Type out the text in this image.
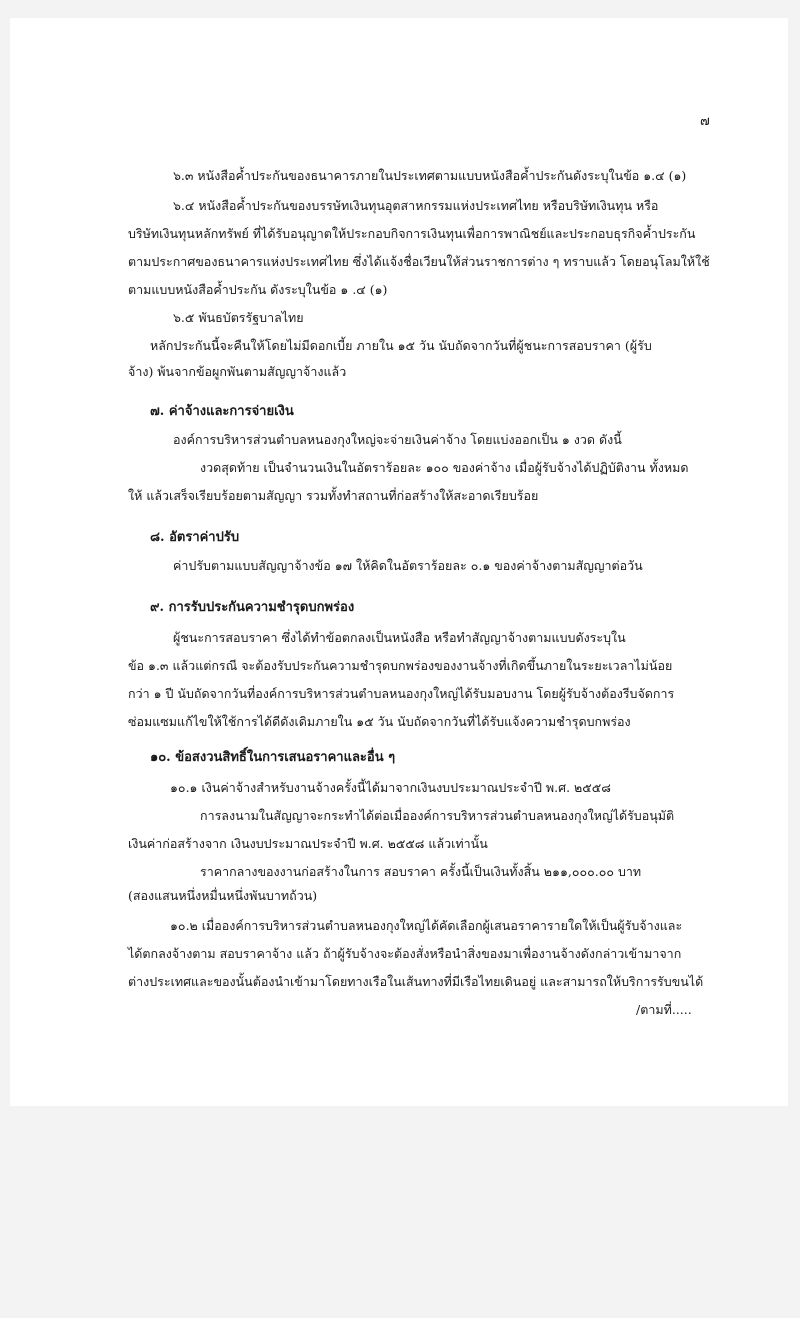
๗
๖.๓ หนังสือค้ำประกันของธนาคารภายในประเทศตามแบบหนังสือค้ำประกันดังระบุในข้อ ๑.๔ (๑)
๖.๔ หนังสือค้ำประกันของบรรษัทเงินทุนอุตสาหกรรมแห่งประเทศไทย หรือบริษัทเงินทุน หรือ
บริษัทเงินทุนหลักทรัพย์ ที่ได้รับอนุญาตให้ประกอบกิจการเงินทุนเพื่อการพาณิชย์และประกอบธุรกิจค้ำประกัน
ตามประกาศของธนาคารแห่งประเทศไทย ซึ่งได้แจ้งชื่อเวียนให้ส่วนราชการต่าง ๆ ทราบแล้ว โดยอนุโลมให้ใช้
ตามแบบหนังสือค้ำประกัน ดังระบุในข้อ ๑ .๔ (๑)
๖.๕ พันธบัตรรัฐบาลไทย
หลักประกันนี้จะคืนให้โดยไม่มีดอกเบี้ย ภายใน ๑๕ วัน นับถัดจากวันที่ผู้ชนะการสอบราคา (ผู้รับ
จ้าง) พ้นจากข้อผูกพันตามสัญญาจ้างแล้ว
๗. ค่าจ้างและการจ่ายเงิน
องค์การบริหารส่วนตำบลหนองกุงใหญ่จะจ่ายเงินค่าจ้าง โดยแบ่งออกเป็น ๑ งวด ดังนี้
งวดสุดท้าย เป็นจำนวนเงินในอัตราร้อยละ ๑๐๐ ของค่าจ้าง เมื่อผู้รับจ้างได้ปฏิบัติงาน ทั้งหมด
ให้ แล้วเสร็จเรียบร้อยตามสัญญา รวมทั้งทำสถานที่ก่อสร้างให้สะอาดเรียบร้อย
๘. อัตราค่าปรับ
ค่าปรับตามแบบสัญญาจ้างข้อ ๑๗ ให้คิดในอัตราร้อยละ ๐.๑ ของค่าจ้างตามสัญญาต่อวัน
๙. การรับประกันความชำรุดบกพร่อง
ผู้ชนะการสอบราคา ซึ่งได้ทำข้อตกลงเป็นหนังสือ หรือทำสัญญาจ้างตามแบบดังระบุใน
ข้อ ๑.๓ แล้วแต่กรณี จะต้องรับประกันความชำรุดบกพร่องของงานจ้างที่เกิดขึ้นภายในระยะเวลาไม่น้อย
กว่า ๑ ปี นับถัดจากวันที่องค์การบริหารส่วนตำบลหนองกุงใหญ่ได้รับมอบงาน โดยผู้รับจ้างต้องรีบจัดการ
ซ่อมแซมแก้ไขให้ใช้การได้ดีดังเดิมภายใน ๑๕ วัน นับถัดจากวันที่ได้รับแจ้งความชำรุดบกพร่อง
๑๐. ข้อสงวนสิทธิ์ในการเสนอราคาและอื่น ๆ
๑๐.๑ เงินค่าจ้างสำหรับงานจ้างครั้งนี้ได้มาจากเงินงบประมาณประจำปี พ.ศ. ๒๕๕๘
การลงนามในสัญญาจะกระทำได้ต่อเมื่อองค์การบริหารส่วนตำบลหนองกุงใหญ่ได้รับอนุมัติ
เงินค่าก่อสร้างจาก เงินงบประมาณประจำปี พ.ศ. ๒๕๕๘ แล้วเท่านั้น
ราคากลางของงานก่อสร้างในการ สอบราคา ครั้งนี้เป็นเงินทั้งสิ้น ๒๑๑,๐๐๐.๐๐ บาท
(สองแสนหนึ่งหมื่นหนึ่งพันบาทถ้วน)
๑๐.๒ เมื่อองค์การบริหารส่วนตำบลหนองกุงใหญ่ได้คัดเลือกผู้เสนอราคารายใดให้เป็นผู้รับจ้างและ
ได้ตกลงจ้างตาม สอบราคาจ้าง แล้ว ถ้าผู้รับจ้างจะต้องสั่งหรือนำสิ่งของมาเพื่องานจ้างดังกล่าวเข้ามาจาก
ต่างประเทศและของนั้นต้องนำเข้ามาโดยทางเรือในเส้นทางที่มีเรือไทยเดินอยู่ และสามารถให้บริการรับขนได้
/ตามที่.....
